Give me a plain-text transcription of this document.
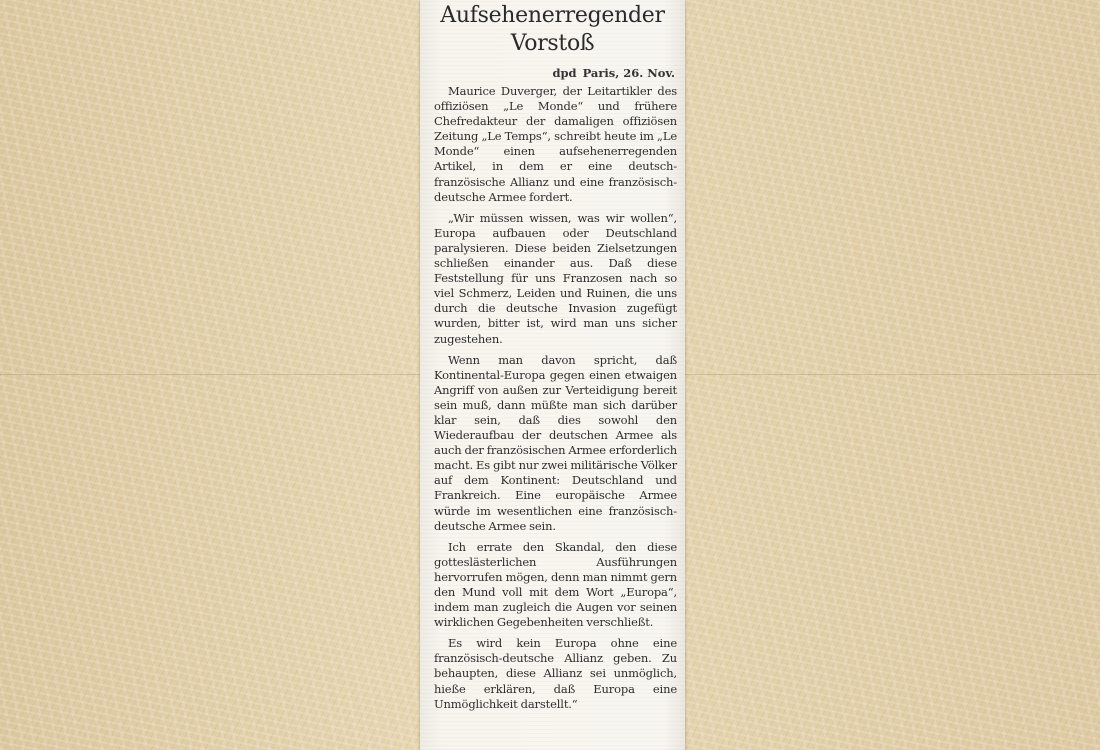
Aufsehenerregender
Vorstoß
dpd Paris, 26. Nov.

Maurice Duverger, der Leitartikler des offiziösen „Le Monde“ und frühere Chefredakteur der damaligen offiziösen Zeitung „Le Temps“, schreibt heute im „Le Monde“ einen aufsehenerregenden Artikel, in dem er eine deutsch-französische Allianz und eine französisch-deutsche Armee fordert.

„Wir müssen wissen, was wir wollen“, Europa aufbauen oder Deutschland paralysieren. Diese beiden Zielsetzungen schließen einander aus. Daß diese Feststellung für uns Franzosen nach so viel Schmerz, Leiden und Ruinen, die uns durch die deutsche Invasion zugefügt wurden, bitter ist, wird man uns sicher zugestehen.

Wenn man davon spricht, daß Kontinental-Europa gegen einen etwaigen Angriff von außen zur Verteidigung bereit sein muß, dann müßte man sich darüber klar sein, daß dies sowohl den Wiederaufbau der deutschen Armee als auch der französischen Armee erforderlich macht. Es gibt nur zwei militärische Völker auf dem Kontinent: Deutschland und Frankreich. Eine europäische Armee würde im wesentlichen eine französisch-deutsche Armee sein.

Ich errate den Skandal, den diese gotteslästerlichen Ausführungen hervorrufen mögen, denn man nimmt gern den Mund voll mit dem Wort „Europa“, indem man zugleich die Augen vor seinen wirklichen Gegebenheiten verschließt.

Es wird kein Europa ohne eine französisch-deutsche Allianz geben. Zu behaupten, diese Allianz sei unmöglich, hieße erklären, daß Europa eine Unmöglichkeit darstellt.“
